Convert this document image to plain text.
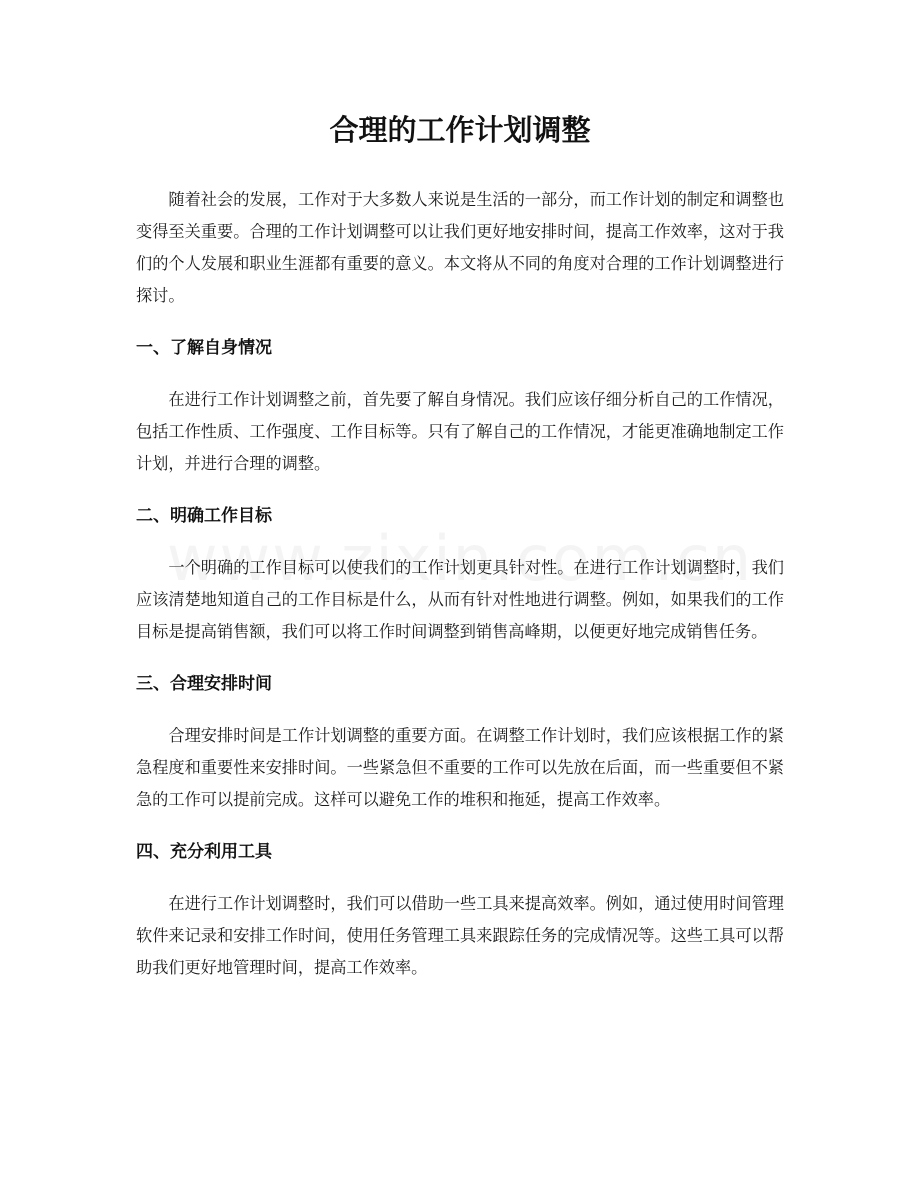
合理的工作计划调整

随着社会的发展，工作对于大多数人来说是生活的一部分，而工作计划的制定和调整也变得至关重要。合理的工作计划调整可以让我们更好地安排时间，提高工作效率，这对于我们的个人发展和职业生涯都有重要的意义。本文将从不同的角度对合理的工作计划调整进行探讨。

一、了解自身情况

在进行工作计划调整之前，首先要了解自身情况。我们应该仔细分析自己的工作情况，包括工作性质、工作强度、工作目标等。只有了解自己的工作情况，才能更准确地制定工作计划，并进行合理的调整。

二、明确工作目标

一个明确的工作目标可以使我们的工作计划更具针对性。在进行工作计划调整时，我们应该清楚地知道自己的工作目标是什么，从而有针对性地进行调整。例如，如果我们的工作目标是提高销售额，我们可以将工作时间调整到销售高峰期，以便更好地完成销售任务。

三、合理安排时间

合理安排时间是工作计划调整的重要方面。在调整工作计划时，我们应该根据工作的紧急程度和重要性来安排时间。一些紧急但不重要的工作可以先放在后面，而一些重要但不紧急的工作可以提前完成。这样可以避免工作的堆积和拖延，提高工作效率。

四、充分利用工具

在进行工作计划调整时，我们可以借助一些工具来提高效率。例如，通过使用时间管理软件来记录和安排工作时间，使用任务管理工具来跟踪任务的完成情况等。这些工具可以帮助我们更好地管理时间，提高工作效率。
